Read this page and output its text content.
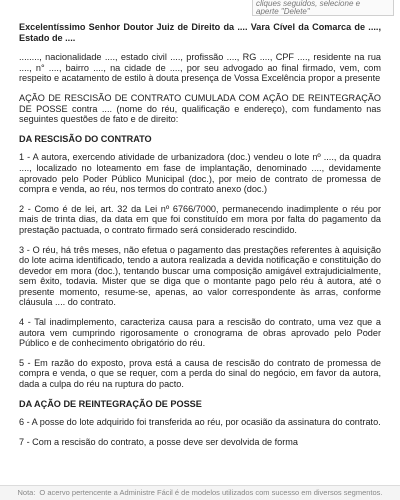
cliques seguidos, selecione e
aperte "Delete"

Excelentíssimo Senhor Doutor Juiz de Direito da .... Vara Cível da Comarca de ...., Estado de ....

........, nacionalidade ...., estado civil ...., profissão ...., RG ...., CPF ...., residente na rua ...., n° ...., bairro ...., na cidade de ...., por seu advogado ao final firmado, vem, com respeito e acatamento de estilo à douta presença de Vossa Excelência propor a presente

AÇÃO DE RESCISÃO DE CONTRATO CUMULADA COM AÇÃO DE REINTEGRAÇÃO DE POSSE contra .... (nome do réu, qualificação e endereço), com fundamento nas seguintes questões de fato e de direito:

DA RESCISÃO DO CONTRATO

1 - A autora, exercendo atividade de urbanizadora (doc.) vendeu o lote nº ...., da quadra ...., localizado no loteamento em fase de implantação, denominado ...., devidamente aprovado pelo Poder Público Municipal (doc.), por meio de contrato de promessa de compra e venda, ao réu, nos termos do contrato anexo (doc.)

2 - Como é de lei, art. 32 da Lei nº 6766/7000, permanecendo inadimplente o réu por mais de trinta dias, da data em que foi constituído em mora por falta do pagamento da prestação pactuada, o contrato firmado será considerado rescindido.

3 - O réu, há três meses, não efetua o pagamento das prestações referentes à aquisição do lote acima identificado, tendo a autora realizada a devida notificação e constituição do devedor em mora (doc.), tentando buscar uma composição amigável extrajudicialmente, sem êxito, todavia. Mister que se diga que o montante pago pelo réu à autora, até o presente momento, resume-se, apenas, ao valor correspondente às arras, conforme cláusula .... do contrato.

4 - Tal inadimplemento, caracteriza causa para a rescisão do contrato, uma vez que a autora vem cumprindo rigorosamente o cronograma de obras aprovado pelo Poder Público e de conhecimento obrigatório do réu.

5 - Em razão do exposto, prova está a causa de rescisão do contrato de promessa de compra e venda, o que se requer, com a perda do sinal do negócio, em favor da autora, dada a culpa do réu na ruptura do pacto.

DA AÇÃO DE REINTEGRAÇÃO DE POSSE

6 - A posse do lote adquirido foi transferida ao réu, por ocasião da assinatura do contrato.

7 - Com a rescisão do contrato, a posse deve ser devolvida de forma

Nota: O acervo pertencente a Administre Fácil é de modelos utilizados com sucesso em diversos segmentos.
